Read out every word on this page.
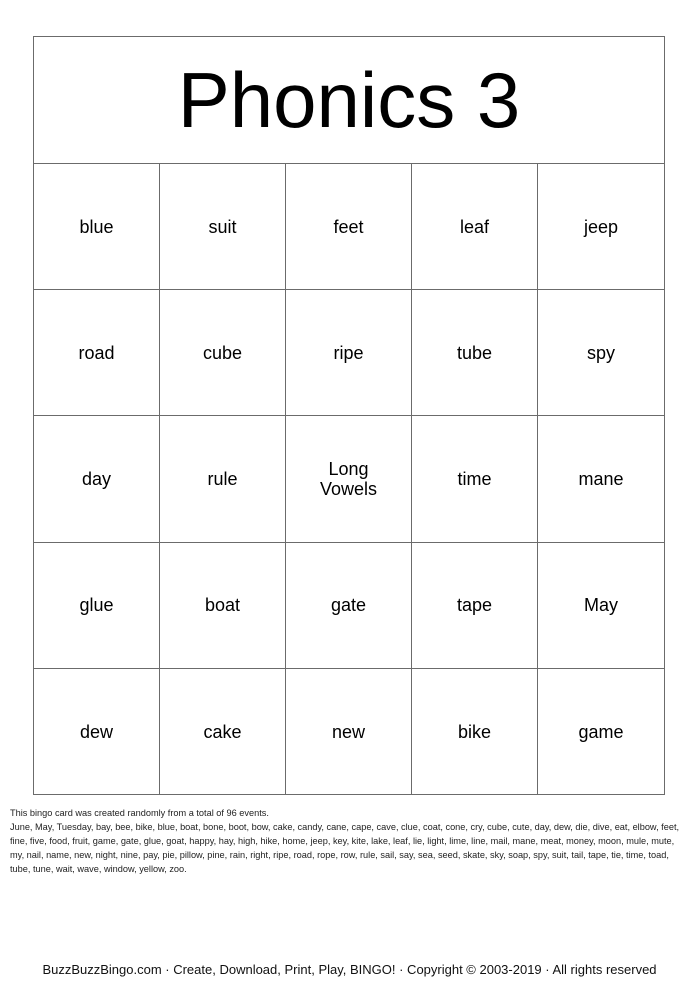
Phonics 3
blue	suit	feet	leaf	jeep
road	cube	ripe	tube	spy
day	rule	Long Vowels	time	mane
glue	boat	gate	tape	May
dew	cake	new	bike	game
This bingo card was created randomly from a total of 96 events.
June, May, Tuesday, bay, bee, bike, blue, boat, bone, boot, bow, cake, candy, cane, cape, cave, clue, coat, cone, cry, cube, cute, day, dew, die, dive, eat, elbow, feet, fine, five, food, fruit, game, gate, glue, goat, happy, hay, high, hike, home, jeep, key, kite, lake, leaf, lie, light, lime, line, mail, mane, meat, money, moon, mule, mute, my, nail, name, new, night, nine, pay, pie, pillow, pine, rain, right, ripe, road, rope, row, rule, sail, say, sea, seed, skate, sky, soap, spy, suit, tail, tape, tie, time, toad, tube, tune, wait, wave, window, yellow, zoo.
BuzzBuzzBingo.com · Create, Download, Print, Play, BINGO! · Copyright © 2003-2019 · All rights reserved
